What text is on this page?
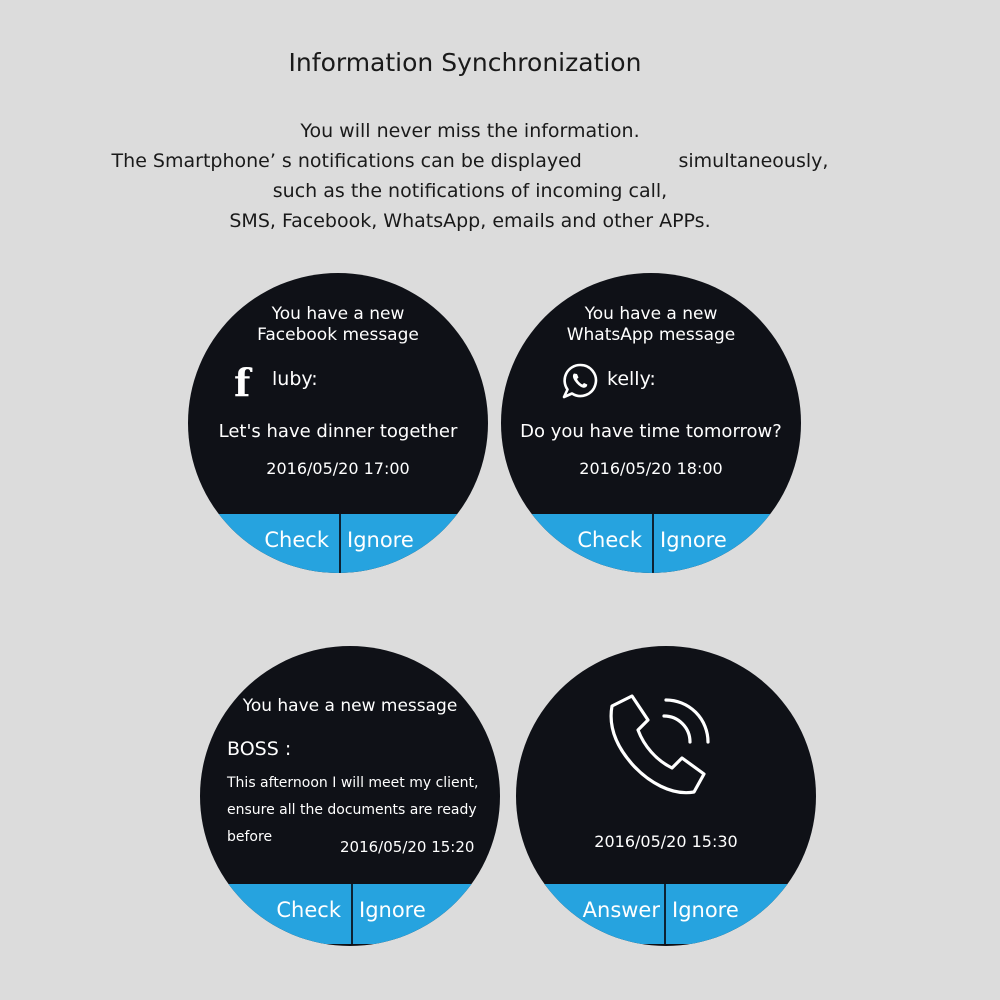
Information Synchronization
You will never miss the information.
The Smartphone’ s notifications can be displayed                simultaneously,
such as the notifications of incoming call,
SMS, Facebook, WhatsApp, emails and other APPs.
You have a new
Facebook message
f luby:
Let's have dinner together
2016/05/20 17:00
Check Ignore
You have a new
WhatsApp message
kelly:
Do you have time tomorrow?
2016/05/20 18:00
Check Ignore
You have a new message
BOSS :
This afternoon I will meet my client,
ensure all the documents are ready
before
2016/05/20 15:20
Check Ignore
2016/05/20 15:30
Answer Ignore
